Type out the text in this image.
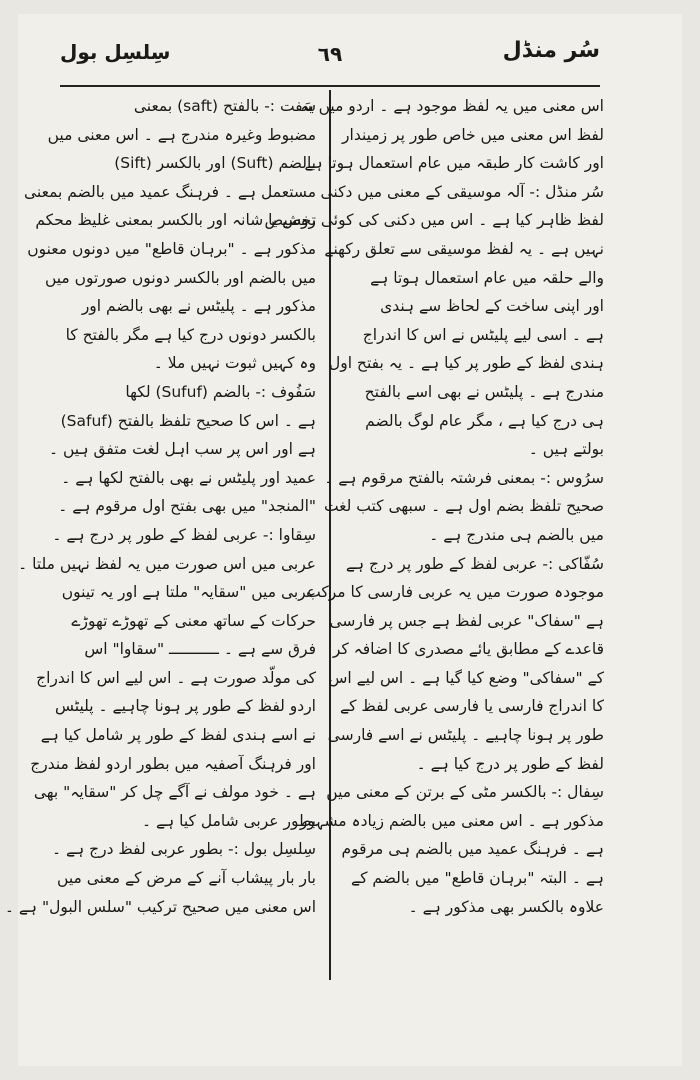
سُر منڈل
٦٩
سِلسِل بول
اس معنی میں یہ لفظ موجود ہے ۔ اردو میں یہ
لفظ اس معنی میں خاص طور پر زمیندار
اور کاشت کار طبقہ میں عام استعمال ہوتا ہے
سُر منڈل :- آلہ موسیقی کے معنی میں دکنی
لفظ ظاہر کیا ہے ۔ اس میں دکنی کی کوئی تخصیص
نہیں ہے ۔ یہ لفظ موسیقی سے تعلق رکھنے
والے حلقہ میں عام استعمال ہوتا ہے
اور اپنی ساخت کے لحاظ سے ہندی
ہے ۔ اسی لیے پلیٹس نے اس کا اندراج
ہندی لفظ کے طور پر کیا ہے ۔ یہ بفتح اول
مندرج ہے ۔ پلیٹس نے بھی اسے بالفتح
ہی درج کیا ہے ، مگر عام لوگ بالضم
بولتے ہیں ۔
سرُوس :- بمعنی فرشتہ بالفتح مرقوم ہے ۔
صحیح تلفظ بضم اول ہے ۔ سبھی کتب لغت
میں بالضم ہی مندرج ہے ۔
سُفّاکی :- عربی لفظ کے طور پر درج ہے
موجودہ صورت میں یہ عربی فارسی کا مرکب
ہے "سفاک" عربی لفظ ہے جس پر فارسی
قاعدے کے مطابق یائے مصدری کا اضافہ کر
کے "سفاکی" وضع کیا گیا ہے ۔ اس لیے اس
کا اندراج فارسی یا فارسی عربی لفظ کے
طور پر ہونا چاہیے ۔ پلیٹس نے اسے فارسی
لفظ کے طور پر درج کیا ہے ۔
سِفال :- بالکسر مٹی کے برتن کے معنی میں
مذکور ہے ۔ اس معنی میں بالضم زیادہ مشہور
ہے ۔ فرہنگ عمید میں بالضم ہی مرقوم
ہے ۔ البتہ "برہان قاطع" میں بالضم کے
علاوہ بالکسر بھی مذکور ہے ۔
سَفت :- بالفتح (saft) بمعنی
مضبوط وغیرہ مندرج ہے ۔ اس معنی میں
بالضم (Suft) اور بالکسر (Sift)
مستعمل ہے ۔ فرہنگ عمید میں بالضم بمعنی
روش یا شانہ اور بالکسر بمعنی غلیظ محکم
مذکور ہے ۔ "برہان قاطع" میں دونوں معنوں
میں بالضم اور بالکسر دونوں صورتوں میں
مذکور ہے ۔ پلیٹس نے بھی بالضم اور
بالکسر دونوں درج کیا ہے مگر بالفتح کا
وہ کہیں ثبوت نہیں ملا ۔
سَفُوف :- بالضم (Sufuf) لکھا
ہے ۔ اس کا صحیح تلفظ بالفتح (Safuf)
ہے اور اس پر سب اہل لغت متفق ہیں ۔
عمید اور پلیٹس نے بھی بالفتح لکھا ہے ۔
"المنجد" میں بھی بفتح اول مرقوم ہے ۔
سِقاوا :- عربی لفظ کے طور پر درج ہے ۔
عربی میں اس صورت میں یہ لفظ نہیں ملتا ۔
عربی میں "سقایہ" ملتا ہے اور یہ تینوں
حرکات کے ساتھ معنی کے تھوڑے تھوڑے
فرق سے ہے ۔ ـــــــــــ "سقاوا" اس
کی مولّد صورت ہے ۔ اس لیے اس کا اندراج
اردو لفظ کے طور پر ہونا چاہیے ۔ پلیٹس
نے اسے ہندی لفظ کے طور پر شامل کیا ہے
اور فرہنگ آصفیہ میں بطور اردو لفظ مندرج
ہے ۔ خود مولف نے آگے چل کر "سقایہ" بھی
بطور عربی شامل کیا ہے ۔
سِلسِل بول :- بطور عربی لفظ درج ہے ۔
بار بار پیشاب آنے کے مرض کے معنی میں
اس معنی میں صحیح ترکیب "سلس البول" ہے ۔
